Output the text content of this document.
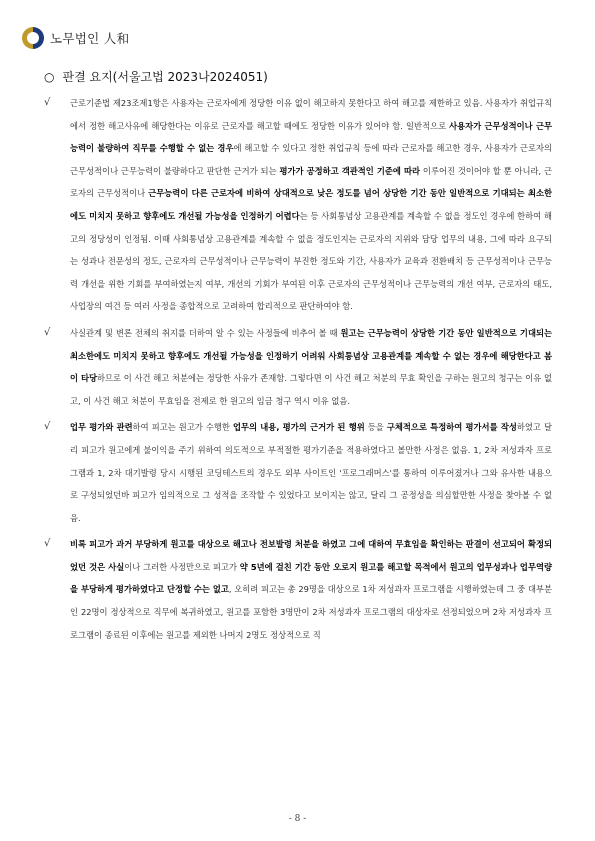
노무법인 人和
○ 판결 요지(서울고법 2023나2024051)
√	근로기준법 제23조제1항은 사용자는 근로자에게 정당한 이유 없이 해고하지 못한다고 하여 해고를 제한하고 있음. 사용자가 취업규칙에서 정한 해고사유에 해당한다는 이유로 근로자를 해고할 때에도 정당한 이유가 있어야 함. 일반적으로 사용자가 근무성적이나 근무능력이 불량하여 직무를 수행할 수 없는 경우에 해고할 수 있다고 정한 취업규칙 등에 따라 근로자를 해고한 경우, 사용자가 근로자의 근무성적이나 근무능력이 불량하다고 판단한 근거가 되는 평가가 공정하고 객관적인 기준에 따라 이루어진 것이어야 할 뿐 아니라, 근로자의 근무성적이나 근무능력이 다른 근로자에 비하여 상대적으로 낮은 정도를 넘어 상당한 기간 동안 일반적으로 기대되는 최소한에도 미치지 못하고 향후에도 개선될 가능성을 인정하기 어렵다는 등 사회통념상 고용관계를 계속할 수 없을 정도인 경우에 한하여 해고의 정당성이 인정됨. 이때 사회통념상 고용관계를 계속할 수 없을 정도인지는 근로자의 지위와 담당 업무의 내용, 그에 따라 요구되는 성과나 전문성의 정도, 근로자의 근무성적이나 근무능력이 부진한 정도와 기간, 사용자가 교육과 전환배치 등 근무성적이나 근무능력 개선을 위한 기회를 부여하였는지 여부, 개선의 기회가 부여된 이후 근로자의 근무성적이나 근무능력의 개선 여부, 근로자의 태도, 사업장의 여건 등 여러 사정을 종합적으로 고려하여 합리적으로 판단하여야 함.
√	사실관계 및 변론 전체의 취지를 더하여 알 수 있는 사정들에 비추어 볼 때 원고는 근무능력이 상당한 기간 동안 일반적으로 기대되는 최소한에도 미치지 못하고 향후에도 개선될 가능성을 인정하기 어려워 사회통념상 고용관계를 계속할 수 없는 경우에 해당한다고 봄이 타당하므로 이 사건 해고 처분에는 정당한 사유가 존재함. 그렇다면 이 사건 해고 처분의 무효 확인을 구하는 원고의 청구는 이유 없고, 이 사건 해고 처분이 무효임을 전제로 한 원고의 임금 청구 역시 이유 없음.
√	업무 평가와 관련하여 피고는 원고가 수행한 업무의 내용, 평가의 근거가 된 행위 등을 구체적으로 특정하여 평가서를 작성하였고 달리 피고가 원고에게 불이익을 주기 위하여 의도적으로 부적절한 평가기준을 적용하였다고 볼만한 사정은 없음. 1, 2차 저성과자 프로그램과 1, 2차 대기발령 당시 시행된 코딩테스트의 경우도 외부 사이트인 '프로그래머스'를 통하여 이루어졌거나 그와 유사한 내용으로 구성되었던바 피고가 임의적으로 그 성적을 조작할 수 있었다고 보이지는 않고, 달리 그 공정성을 의심할만한 사정을 찾아볼 수 없음.
√	비록 피고가 과거 부당하게 원고를 대상으로 해고나 전보발령 처분을 하였고 그에 대하여 무효임을 확인하는 판결이 선고되어 확정되었던 것은 사실이나 그러한 사정만으로 피고가 약 5년에 걸친 기간 동안 오로지 원고를 해고할 목적에서 원고의 업무성과나 업무역량을 부당하게 평가하였다고 단정할 수는 없고, 오히려 피고는 총 29명을 대상으로 1차 저성과자 프로그램을 시행하였는데 그 중 대부분인 22명이 정상적으로 직무에 복귀하였고, 원고를 포함한 3명만이 2차 저성과자 프로그램의 대상자로 선정되었으며 2차 저성과자 프로그램이 종료된 이후에는 원고를 제외한 나머지 2명도 정상적으로 직
- 8 -
